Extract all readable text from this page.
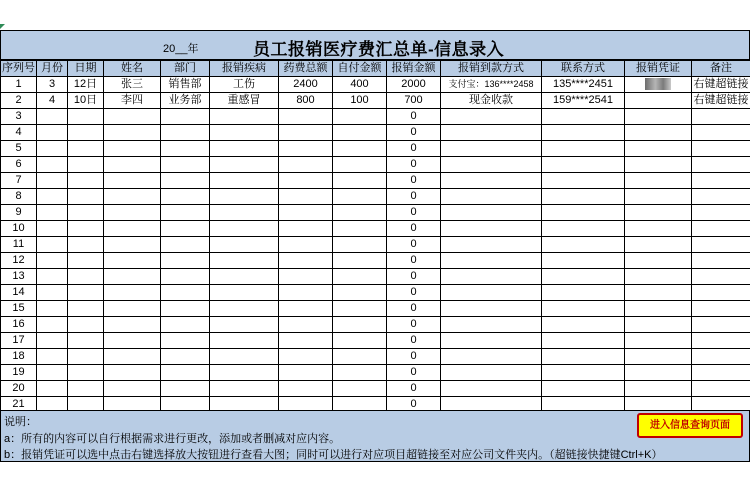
20__年	员工报销医疗费汇总单-信息录入
序列号	月份	日期	姓名	部门	报销疾病	药费总额	自付金额	报销金额	报销到款方式	联系方式	报销凭证	备注
1	3	12日	张三	销售部	工伤	2400	400	2000	支付宝：136****2458	135****2451		右键超链接
2	4	10日	李四	业务部	重感冒	800	100	700	现金收款	159****2541		右键超链接
3								0				
4								0				
5								0				
6								0				
7								0				
8								0				
9								0				
10								0				
11								0				
12								0				
13								0				
14								0				
15								0				
16								0				
17								0				
18								0				
19								0				
20								0				
21								0				
说明：
a：所有的内容可以自行根据需求进行更改，添加或者删减对应内容。
b：报销凭证可以选中点击右键选择放大按钮进行查看大图；同时可以进行对应项目超链接至对应公司文件夹内。（超链接快捷键Ctrl+K）
进入信息查询页面
